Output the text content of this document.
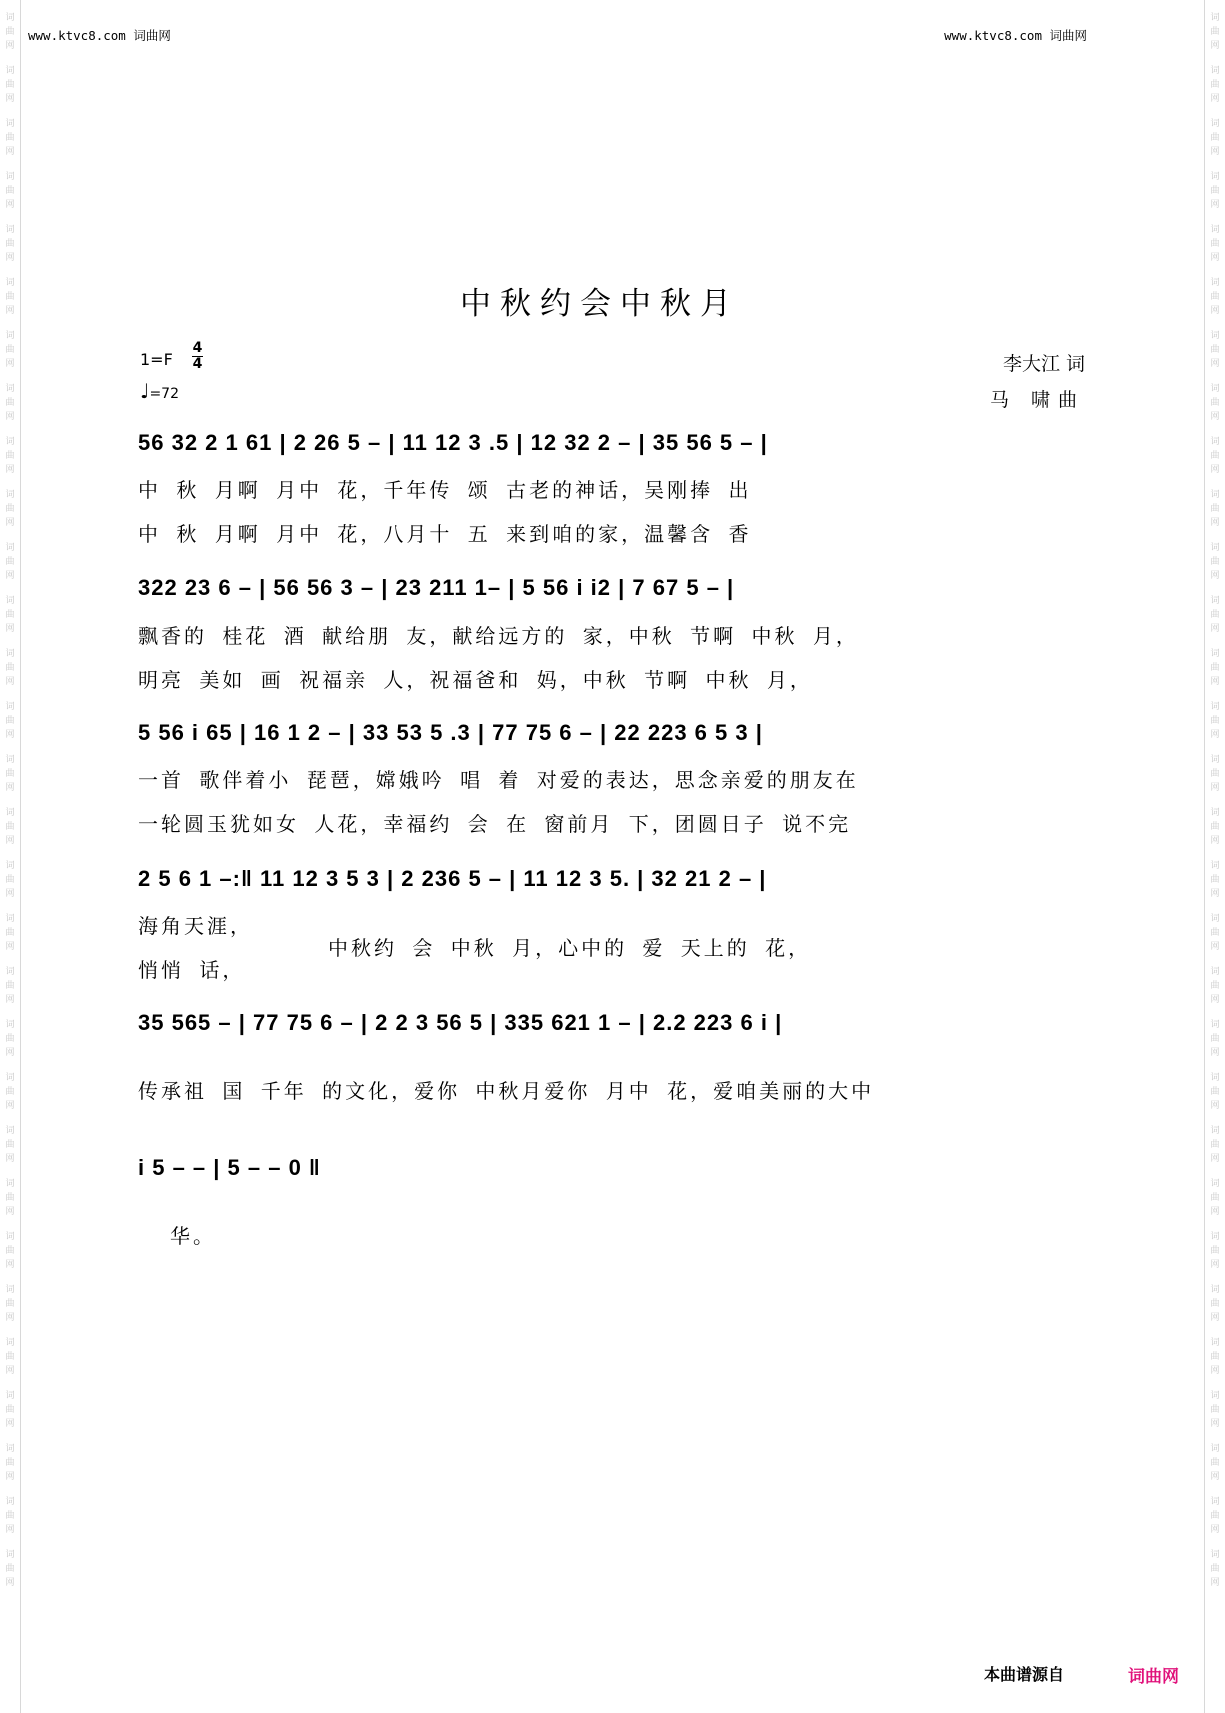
词曲网
词曲网
词曲网
词曲网
词曲网
词曲网
词曲网
词曲网
词曲网
词曲网
词曲网
词曲网
词曲网
词曲网
词曲网
词曲网
词曲网
词曲网
词曲网
词曲网
词曲网
词曲网
词曲网
词曲网
词曲网
词曲网
词曲网
词曲网
词曲网
词曲网
词曲网
词曲网
词曲网
词曲网
词曲网
词曲网
词曲网
词曲网
词曲网
词曲网
词曲网
词曲网
词曲网
词曲网
词曲网
词曲网
词曲网
词曲网
词曲网
词曲网
词曲网
词曲网
词曲网
词曲网
词曲网
词曲网
词曲网
词曲网
词曲网
词曲网
www.ktvc8.com 词曲网	www.ktvc8.com 词曲网
中秋约会中秋月
1=F
4
4
♩=72
李大江 词
马 啸曲
56 32 2 1 61 | 2 26 5 – | 11 12 3 .5 | 12 32 2 – | 35 56 5 – |
中 秋 月啊 月中 花，千年传 颂 古老的神话，吴刚捧 出
中 秋 月啊 月中 花，八月十 五 来到咱的家，温馨含 香
322 23 6 – | 56 56 3 – | 23 211 1– | 5 56 i i2 | 7 67 5 – |
飘香的 桂花 酒 献给朋 友，献给远方的 家，中秋 节啊 中秋 月，
明亮 美如 画 祝福亲 人，祝福爸和 妈，中秋 节啊 中秋 月，
5 56 i 65 | 16 1 2 – | 33 53 5 .3 | 77 75 6 – | 22 223 6 5 3 |
一首 歌伴着小 琵琶，嫦娥吟 唱 着 对爱的表达，思念亲爱的朋友在
一轮圆玉犹如女 人花，幸福约 会 在 窗前月 下，团圆日子 说不完
2 5 6 1 –:‖ 11 12 3 5 3 | 2 236 5 – | 11 12 3 5. | 32 21 2 – |
海角天涯，
中秋约 会 中秋 月，心中的 爱 天上的 花，
悄悄 话，
35 565 – | 77 75 6 – | 2 2 3 56 5 | 335 621 1 – | 2.2 223 6 i |
传承祖 国 千年 的文化，爱你 中秋月爱你 月中 花，爱咱美丽的大中
i 5 – – | 5 – – 0 ‖
华。
本曲谱源自	词曲网
